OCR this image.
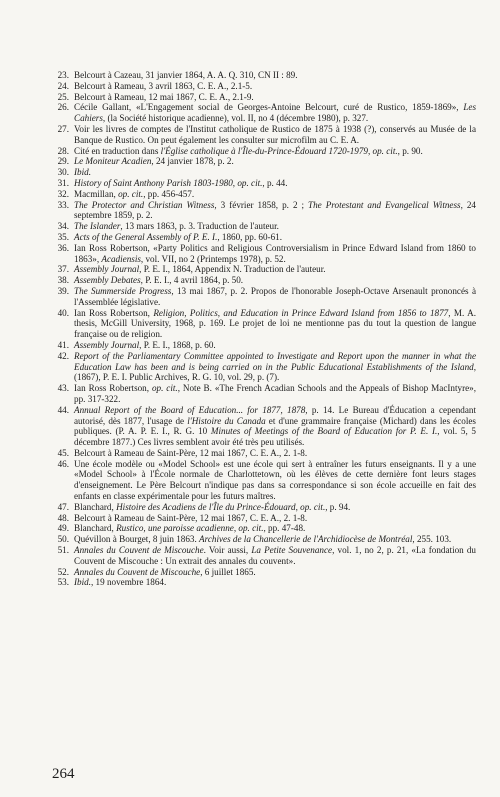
23. Belcourt à Cazeau, 31 janvier 1864, A. A. Q. 310, CN II : 89.
24. Belcourt à Rameau, 3 avril 1863, C. E. A., 2.1-5.
25. Belcourt à Rameau, 12 mai 1867, C. E. A., 2.1-9.
26. Cécile Gallant, «L'Engagement social de Georges-Antoine Belcourt, curé de Rustico, 1859-1869», Les Cahiers, (la Société historique acadienne), vol. II, no 4 (décembre 1980), p. 327.
27. Voir les livres de comptes de l'Institut catholique de Rustico de 1875 à 1938 (?), conservés au Musée de la Banque de Rustico. On peut également les consulter sur microfilm au C. E. A.
28. Cité en traduction dans l'Église catholique à l'Île-du-Prince-Édouard 1720-1979, op. cit., p. 90.
29. Le Moniteur Acadien, 24 janvier 1878, p. 2.
30. Ibid.
31. History of Saint Anthony Parish 1803-1980, op. cit., p. 44.
32. Macmillan, op. cit., pp. 456-457.
33. The Protector and Christian Witness, 3 février 1858, p. 2 ; The Protestant and Evangelical Witness, 24 septembre 1859, p. 2.
34. The Islander, 13 mars 1863, p. 3. Traduction de l'auteur.
35. Acts of the General Assembly of P. E. I., 1860, pp. 60-61.
36. Ian Ross Robertson, «Party Politics and Religious Controversialism in Prince Edward Island from 1860 to 1863», Acadiensis, vol. VII, no 2 (Printemps 1978), p. 52.
37. Assembly Journal, P. E. I., 1864, Appendix N. Traduction de l'auteur.
38. Assembly Debates, P. E. I., 4 avril 1864, p. 50.
39. The Summerside Progress, 13 mai 1867, p. 2. Propos de l'honorable Joseph-Octave Arsenault prononcés à l'Assemblée législative.
40. Ian Ross Robertson, Religion, Politics, and Education in Prince Edward Island from 1856 to 1877, M. A. thesis, McGill University, 1968, p. 169. Le projet de loi ne mentionne pas du tout la question de langue française ou de religion.
41. Assembly Journal, P. E. I., 1868, p. 60.
42. Report of the Parliamentary Committee appointed to Investigate and Report upon the manner in what the Education Law has been and is being carried on in the Public Educational Establishments of the Island, (1867), P. E. I. Public Archives, R. G. 10, vol. 29, p. (7).
43. Ian Ross Robertson, op. cit., Note B. «The French Acadian Schools and the Appeals of Bishop MacIntyre», pp. 317-322.
44. Annual Report of the Board of Education... for 1877, 1878, p. 14. Le Bureau d'Éducation a cependant autorisé, dès 1877, l'usage de l'Histoire du Canada et d'une grammaire française (Michard) dans les écoles publiques. (P. A. P. E. I., R. G. 10 Minutes of Meetings of the Board of Education for P. E. I., vol. 5, 5 décembre 1877.) Ces livres semblent avoir été très peu utilisés.
45. Belcourt à Rameau de Saint-Père, 12 mai 1867, C. E. A., 2. 1-8.
46. Une école modèle ou «Model School» est une école qui sert à entraîner les futurs enseignants. Il y a une «Model School» à l'École normale de Charlottetown, où les élèves de cette dernière font leurs stages d'enseignement. Le Père Belcourt n'indique pas dans sa correspondance si son école accueille en fait des enfants en classe expérimentale pour les futurs maîtres.
47. Blanchard, Histoire des Acadiens de l'Île du Prince-Édouard, op. cit., p. 94.
48. Belcourt à Rameau de Saint-Père, 12 mai 1867, C. E. A., 2. 1-8.
49. Blanchard, Rustico, une paroisse acadienne, op. cit., pp. 47-48.
50. Quévillon à Bourget, 8 juin 1863. Archives de la Chancellerie de l'Archidiocèse de Montréal, 255. 103.
51. Annales du Couvent de Miscouche. Voir aussi, La Petite Souvenance, vol. 1, no 2, p. 21, «La fondation du Couvent de Miscouche : Un extrait des annales du couvent».
52. Annales du Couvent de Miscouche, 6 juillet 1865.
53. Ibid., 19 novembre 1864.
264
